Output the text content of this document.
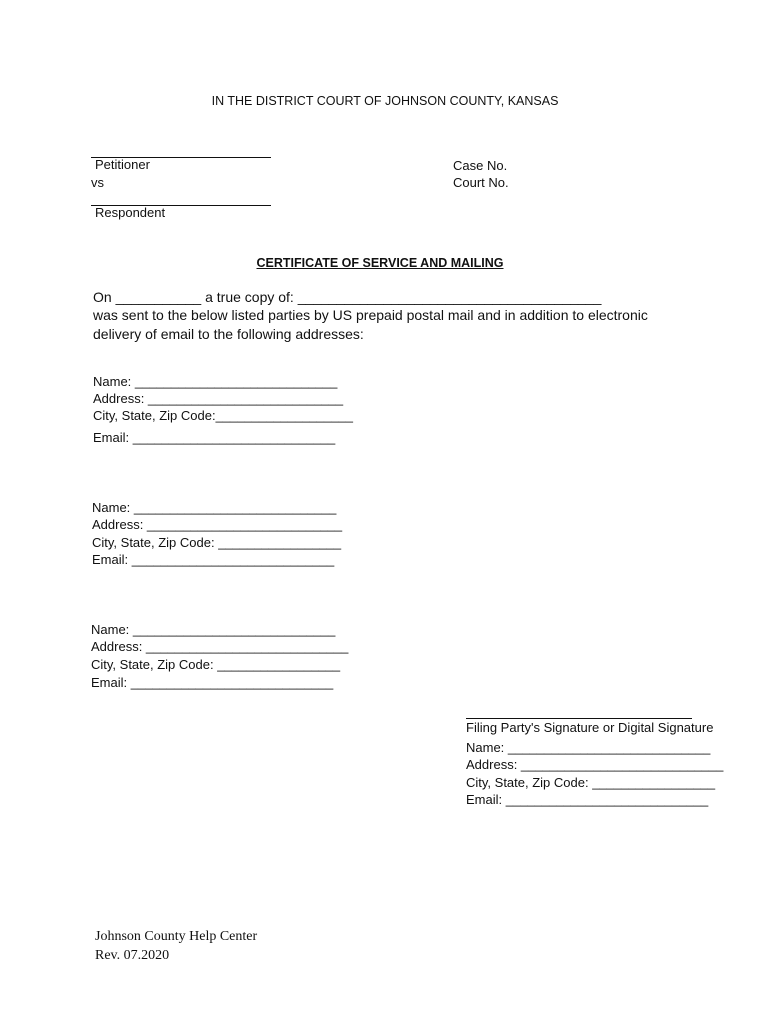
IN THE DISTRICT COURT OF JOHNSON COUNTY, KANSAS
Petitioner
vs
Respondent
Case No.
Court No.
CERTIFICATE OF SERVICE AND MAILING
On ___________ a true copy of: _______________________________________
was sent to the below listed parties by US prepaid postal mail and in addition to electronic
delivery of email to the following addresses:
Name: ____________________________
Address: ___________________________
City, State, Zip Code:___________________
Email: ____________________________
Name: ____________________________
Address: ___________________________
City, State, Zip Code: _________________
Email: ____________________________
Name: ____________________________
Address: ____________________________
City, State, Zip Code: _________________
Email: ____________________________
Filing Party's Signature or Digital Signature
Name: ____________________________
Address: ____________________________
City, State, Zip Code: _________________
Email: ____________________________
Johnson County Help Center
Rev. 07.2020
